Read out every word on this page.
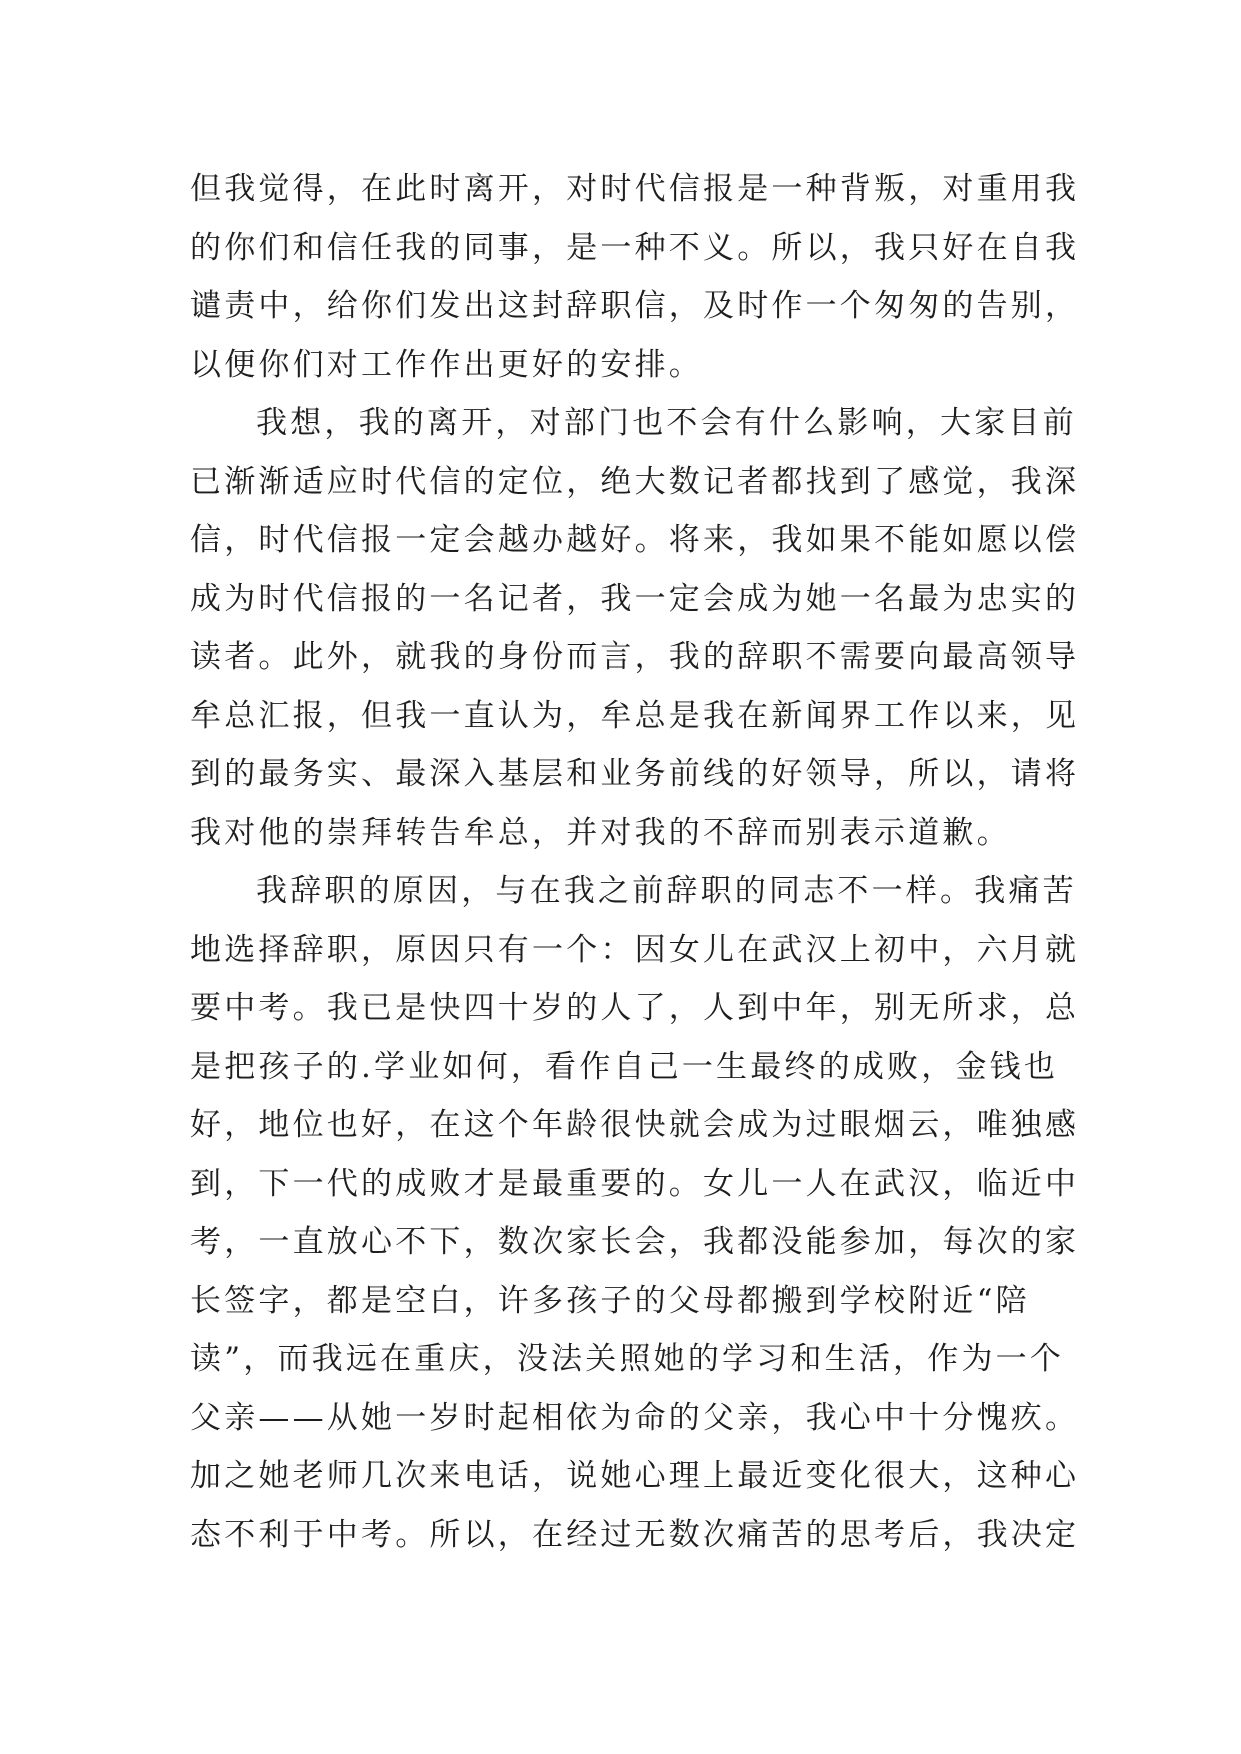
但我觉得，在此时离开，对时代信报是一种背叛，对重用我
的你们和信任我的同事，是一种不义。所以，我只好在自我
谴责中，给你们发出这封辞职信，及时作一个匆匆的告别，
以便你们对工作作出更好的安排。
我想，我的离开，对部门也不会有什么影响，大家目前
已渐渐适应时代信的定位，绝大数记者都找到了感觉，我深
信，时代信报一定会越办越好。将来，我如果不能如愿以偿
成为时代信报的一名记者，我一定会成为她一名最为忠实的
读者。此外，就我的身份而言，我的辞职不需要向最高领导
牟总汇报，但我一直认为，牟总是我在新闻界工作以来，见
到的最务实、最深入基层和业务前线的好领导，所以，请将
我对他的崇拜转告牟总，并对我的不辞而别表示道歉。
我辞职的原因，与在我之前辞职的同志不一样。我痛苦
地选择辞职，原因只有一个：因女儿在武汉上初中，六月就
要中考。我已是快四十岁的人了，人到中年，别无所求，总
是把孩子的.学业如何，看作自己一生最终的成败，金钱也
好，地位也好，在这个年龄很快就会成为过眼烟云，唯独感
到，下一代的成败才是最重要的。女儿一人在武汉，临近中
考，一直放心不下，数次家长会，我都没能参加，每次的家
长签字，都是空白，许多孩子的父母都搬到学校附近“陪
读”，而我远在重庆，没法关照她的学习和生活，作为一个
父亲——从她一岁时起相依为命的父亲，我心中十分愧疚。
加之她老师几次来电话，说她心理上最近变化很大，这种心
态不利于中考。所以，在经过无数次痛苦的思考后，我决定
